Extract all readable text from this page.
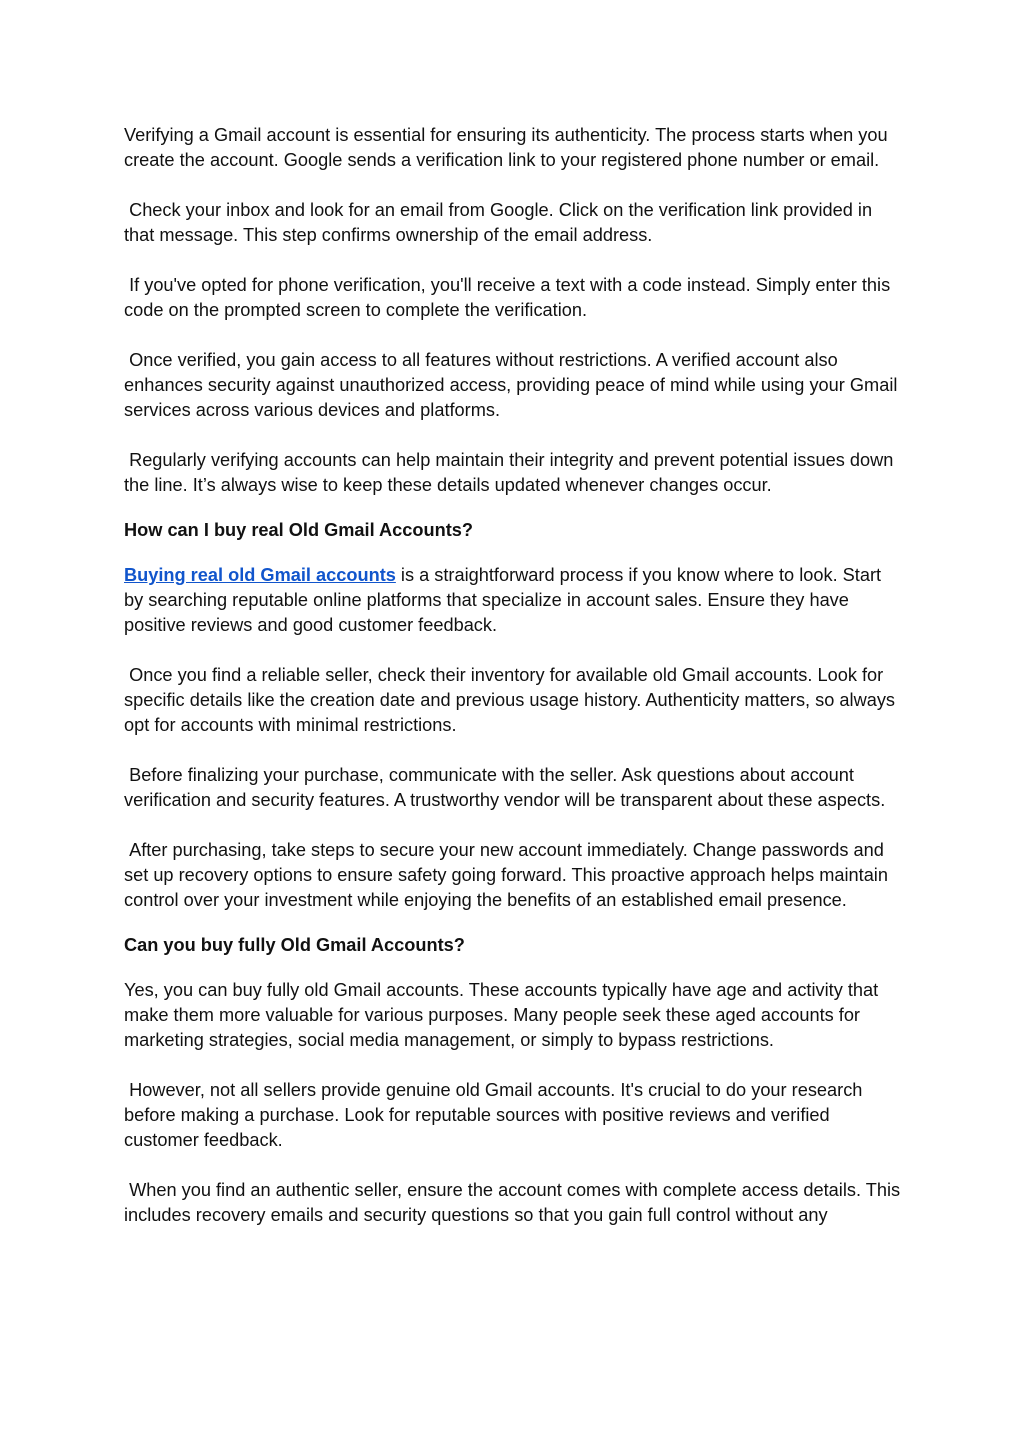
Verifying a Gmail account is essential for ensuring its authenticity. The process starts when you create the account. Google sends a verification link to your registered phone number or email.

Check your inbox and look for an email from Google. Click on the verification link provided in that message. This step confirms ownership of the email address.

If you've opted for phone verification, you'll receive a text with a code instead. Simply enter this code on the prompted screen to complete the verification.

Once verified, you gain access to all features without restrictions. A verified account also enhances security against unauthorized access, providing peace of mind while using your Gmail services across various devices and platforms.

Regularly verifying accounts can help maintain their integrity and prevent potential issues down the line. It’s always wise to keep these details updated whenever changes occur.

How can I buy real Old Gmail Accounts?

Buying real old Gmail accounts is a straightforward process if you know where to look. Start by searching reputable online platforms that specialize in account sales. Ensure they have positive reviews and good customer feedback.

Once you find a reliable seller, check their inventory for available old Gmail accounts. Look for specific details like the creation date and previous usage history. Authenticity matters, so always opt for accounts with minimal restrictions.

Before finalizing your purchase, communicate with the seller. Ask questions about account verification and security features. A trustworthy vendor will be transparent about these aspects.

After purchasing, take steps to secure your new account immediately. Change passwords and set up recovery options to ensure safety going forward. This proactive approach helps maintain control over your investment while enjoying the benefits of an established email presence.

Can you buy fully Old Gmail Accounts?

Yes, you can buy fully old Gmail accounts. These accounts typically have age and activity that make them more valuable for various purposes. Many people seek these aged accounts for marketing strategies, social media management, or simply to bypass restrictions.

However, not all sellers provide genuine old Gmail accounts. It's crucial to do your research before making a purchase. Look for reputable sources with positive reviews and verified customer feedback.

When you find an authentic seller, ensure the account comes with complete access details. This includes recovery emails and security questions so that you gain full control without any
